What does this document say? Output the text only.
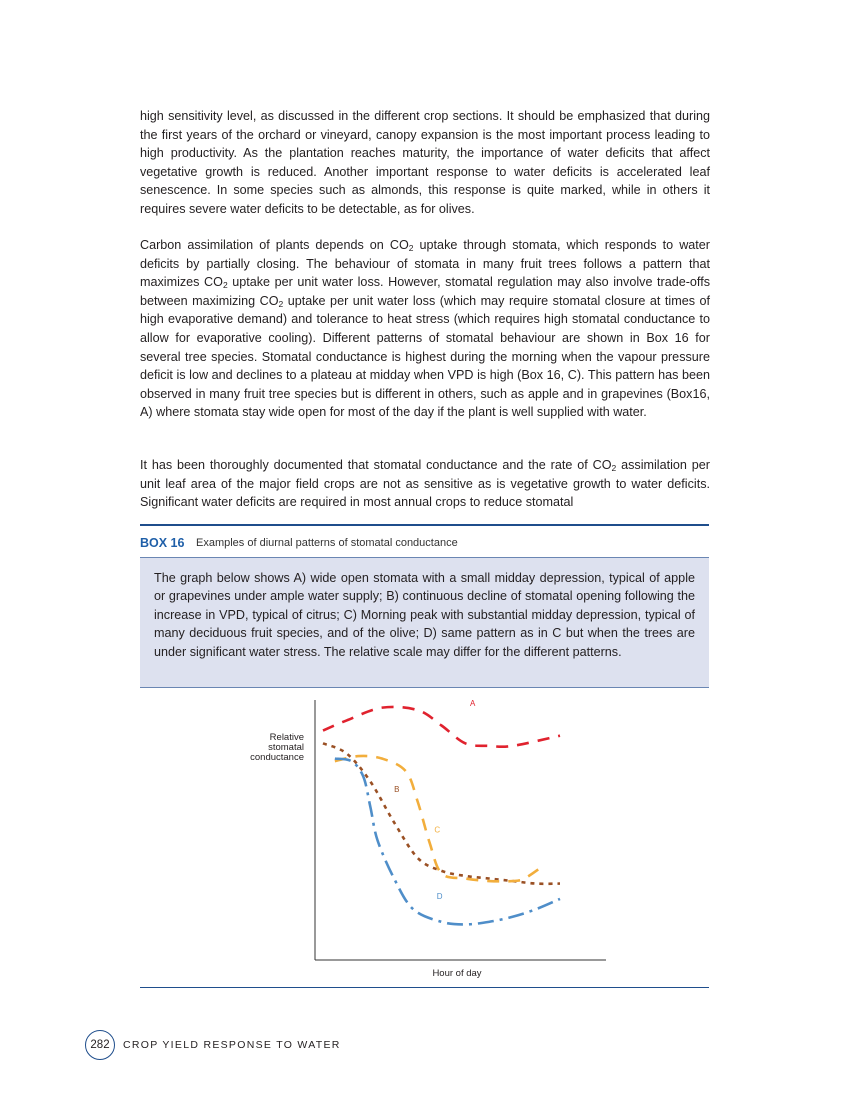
high sensitivity level, as discussed in the different crop sections. It should be emphasized that during the first years of the orchard or vineyard, canopy expansion is the most important process leading to high productivity. As the plantation reaches maturity, the importance of water deficits that affect vegetative growth is reduced. Another important response to water deficits is accelerated leaf senescence. In some species such as almonds, this response is quite marked, while in others it requires severe water deficits to be detectable, as for olives.

Carbon assimilation of plants depends on $CO_2$ uptake through stomata, which responds to water deficits by partially closing. The behaviour of stomata in many fruit trees follows a pattern that maximizes $CO_2$ uptake per unit water loss. However, stomatal regulation may also involve trade-offs between maximizing $CO_2$ uptake per unit water loss (which may require stomatal closure at times of high evaporative demand) and tolerance to heat stress (which requires high stomatal conductance to allow for evaporative cooling). Different patterns of stomatal behaviour are shown in Box 16 for several tree species. Stomatal conductance is highest during the morning when the vapour pressure deficit is low and declines to a plateau at midday when VPD is high (Box 16, C). This pattern has been observed in many fruit tree species but is different in others, such as apple and in grapevines (Box16, A) where stomata stay wide open for most of the day if the plant is well supplied with water.

It has been thoroughly documented that stomatal conductance and the rate of $CO_2$ assimilation per unit leaf area of the major field crops are not as sensitive as is vegetative growth to water deficits. Significant water deficits are required in most annual crops to reduce stomatal

BOX 16 Examples of diurnal patterns of stomatal conductance

The graph below shows A) wide open stomata with a small midday depression, typical of apple or grapevines under ample water supply; B) continuous decline of stomatal opening following the increase in VPD, typical of citrus; C) Morning peak with substantial midday depression, typical of many deciduous fruit species, and of the olive; D) same pattern as in C but when the trees are under significant water stress. The relative scale may differ for the different patterns.

Relative
stomatal
conductance
Hour of day
A
B
C
D
282 CROP YIELD RESPONSE TO WATER
